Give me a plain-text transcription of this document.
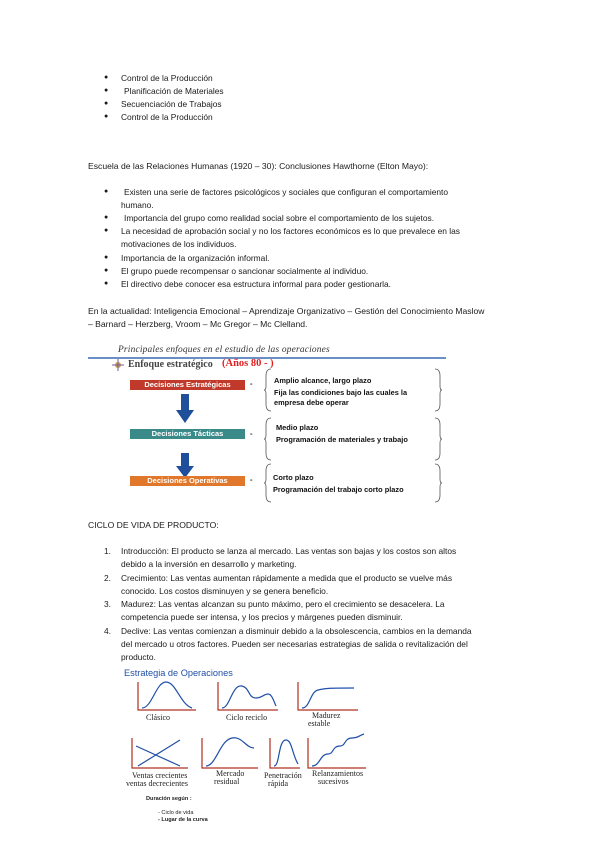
● Control de la Producción
● Planificación de Materiales
● Secuenciación de Trabajos
● Control de la Producción
Escuela de las Relaciones Humanas (1920 – 30): Conclusiones Hawthorne (Elton Mayo):
● Existen una serie de factores psicológicos y sociales que configuran el comportamiento
humano.
● Importancia del grupo como realidad social sobre el comportamiento de los sujetos.
● La necesidad de aprobación social y no los factores económicos es lo que prevalece en las
motivaciones de los individuos.
● Importancia de la organización informal.
● El grupo puede recompensar o sancionar socialmente al individuo.
● El directivo debe conocer esa estructura informal para poder gestionarla.
En la actualidad: Inteligencia Emocional – Aprendizaje Organizativo – Gestión del Conocimiento Maslow
– Barnard – Herzberg, Vroom – Mc Gregor – Mc Clelland.
Principales enfoques en el estudio de las operaciones
Enfoque estratégico (Años 80 - )
Decisiones Estratégicas	-	Amplio alcance, largo plazo
Fija las condiciones bajo las cuales la
empresa debe operar
Decisiones Tácticas	-
Medio plazo
Programación de materiales y trabajo
Decisiones Operativas	-	Corto plazo
Programación del trabajo corto plazo
CICLO DE VIDA DE PRODUCTO:
1. Introducción: El producto se lanza al mercado. Las ventas son bajas y los costos son altos
debido a la inversión en desarrollo y marketing.
2. Crecimiento: Las ventas aumentan rápidamente a medida que el producto se vuelve más
conocido. Los costos disminuyen y se genera beneficio.
3. Madurez: Las ventas alcanzan su punto máximo, pero el crecimiento se desacelera. La
competencia puede ser intensa, y los precios y márgenes pueden disminuir.
4. Declive: Las ventas comienzan a disminuir debido a la obsolescencia, cambios en la demanda
del mercado u otros factores. Pueden ser necesarias estrategias de salida o revitalización del
producto.
Estrategia de Operaciones
Clásico	Ciclo reciclo	Madurez
estable
Ventas crecientes
ventas decrecientes
Mercado
residual
Penetración
rápida
Relanzamientos
sucesivos
Duración según :
- Ciclo de vida
- Lugar de la curva
